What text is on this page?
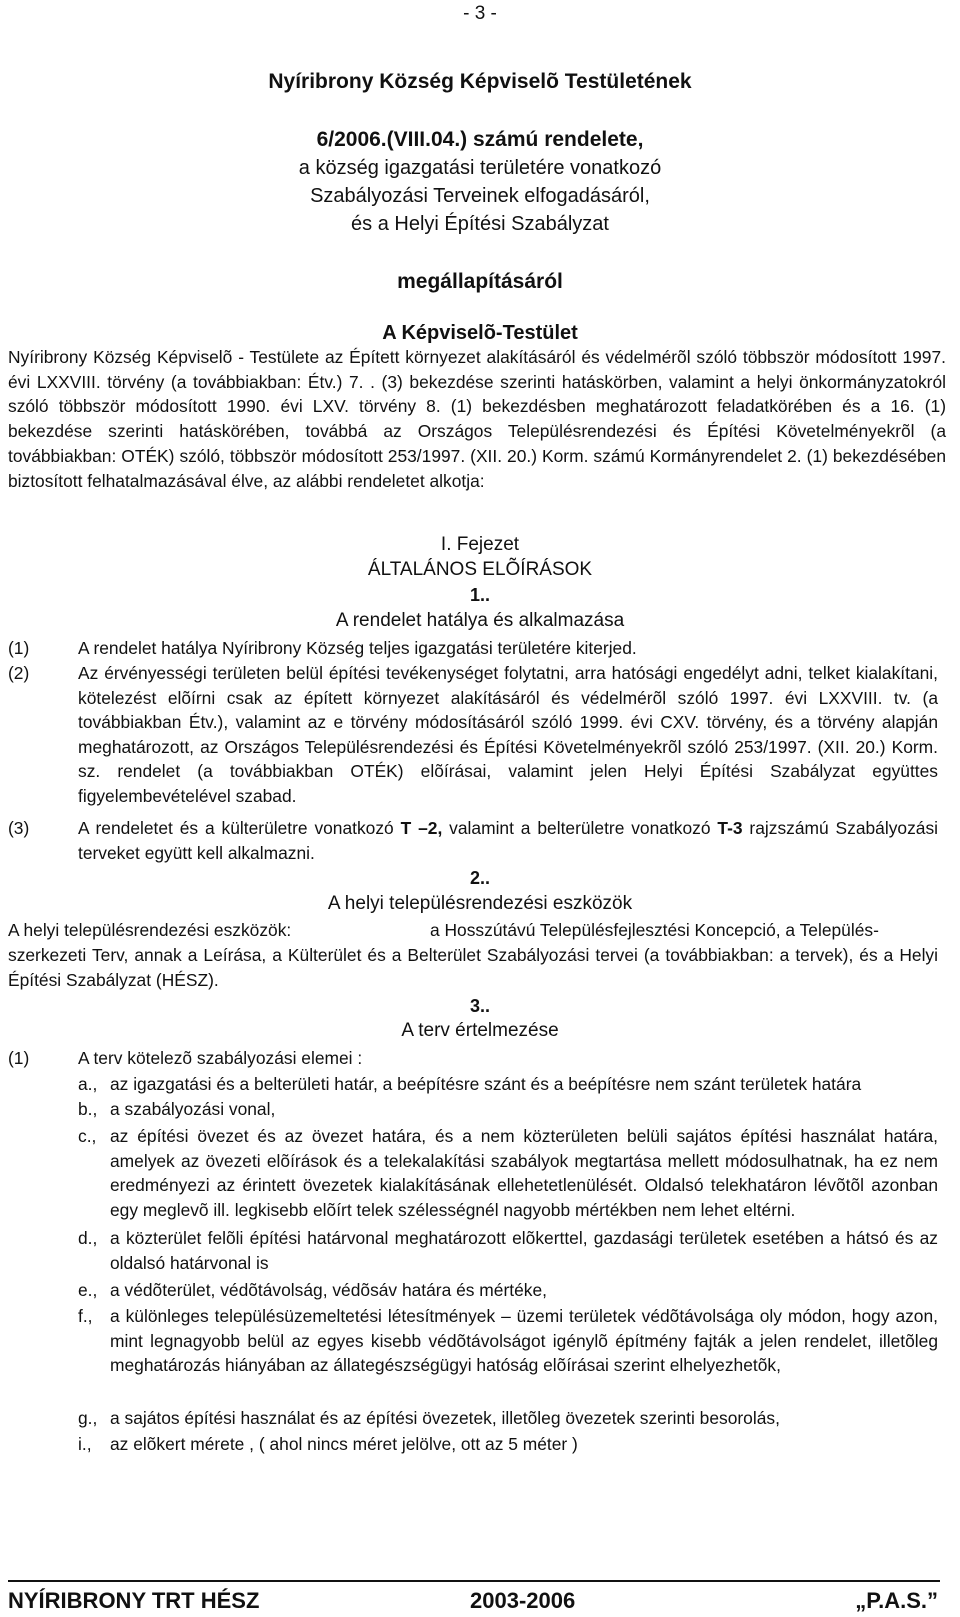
- 3 -
Nyíribrony Község Képviselõ Testületének
6/2006.(VIII.04.) számú rendelete,
a község igazgatási területére vonatkozó
Szabályozási Terveinek elfogadásáról,
és a Helyi Építési Szabályzat
megállapításáról
A Képviselõ-Testület
Nyíribrony Község Képviselõ - Testülete az Épített környezet alakításáról és védelmérõl szóló többször módosított 1997. évi LXXVIII. törvény (a továbbiakban: Étv.) 7. . (3) bekezdése szerinti hatáskörben, valamint a helyi önkormányzatokról szóló többször módosított 1990. évi LXV. törvény 8. (1) bekezdésben meghatározott feladatkörében és a 16. (1) bekezdése szerinti hatáskörében, továbbá az Országos Településrendezési és Építési Követelményekrõl (a továbbiakban: OTÉK) szóló, többször módosított 253/1997. (XII. 20.) Korm. számú Kormányrendelet 2. (1) bekezdésében biztosított felhatalmazásával élve, az alábbi rendeletet alkotja:
I. Fejezet
ÁLTALÁNOS ELÕÍRÁSOK
1..
A rendelet hatálya és alkalmazása
(1)	A rendelet hatálya Nyíribrony Község teljes igazgatási területére kiterjed.
(2)	Az érvényességi területen belül építési tevékenységet folytatni, arra hatósági engedélyt adni, telket kialakítani, kötelezést elõírni csak az épített környezet alakításáról és védelmérõl szóló 1997. évi LXXVIII. tv. (a továbbiakban Étv.), valamint az e törvény módosításáról szóló 1999. évi CXV. törvény, és a törvény alapján meghatározott, az Országos Településrendezési és Építési Követelményekrõl szóló 253/1997. (XII. 20.) Korm. sz. rendelet (a továbbiakban OTÉK) elõírásai, valamint jelen Helyi Építési Szabályzat együttes figyelembevételével szabad.
(3)	A rendeletet és a külterületre vonatkozó T –2, valamint a belterületre vonatkozó T-3 rajzszámú Szabályozási terveket együtt kell alkalmazni.
2..
A helyi településrendezési eszközök
A helyi településrendezési eszközök:	a Hosszútávú Településfejlesztési Koncepció, a Település-
szerkezeti Terv, annak a Leírása, a Külterület és a Belterület Szabályozási tervei (a továbbiakban: a tervek), és a Helyi Építési Szabályzat (HÉSZ).
3..
A terv értelmezése
(1)	A terv kötelezõ szabályozási elemei :
a., az igazgatási és a belterületi határ, a beépítésre szánt és a beépítésre nem szánt területek határa
b., a szabályozási vonal,
c., az építési övezet és az övezet határa, és a nem közterületen belüli sajátos építési használat határa, amelyek az övezeti elõírások és a telekalakítási szabályok megtartása mellett módosulhatnak, ha ez nem eredményezi az érintett övezetek kialakításának ellehetetlenülését. Oldalsó telekhatáron lévõtõl azonban egy meglevõ ill. legkisebb elõírt telek szélességnél nagyobb mértékben nem lehet eltérni.
d., a közterület felõli építési határvonal meghatározott elõkerttel, gazdasági területek esetében a hátsó és az oldalsó határvonal is
e., a védõterület, védõtávolság, védõsáv határa és mértéke,
f., a különleges településüzemeltetési létesítmények – üzemi területek védõtávolsága oly módon, hogy azon, mint legnagyobb belül az egyes kisebb védõtávolságot igénylõ építmény fajták a jelen rendelet, illetõleg meghatározás hiányában az állategészségügyi hatóság elõírásai szerint elhelyezhetõk,
g., a sajátos építési használat és az építési övezetek, illetõleg övezetek szerinti besorolás,
i., az elõkert mérete , ( ahol nincs méret jelölve, ott az 5 méter )
NYÍRIBRONY TRT HÉSZ	2003-2006	„P.A.S.”
